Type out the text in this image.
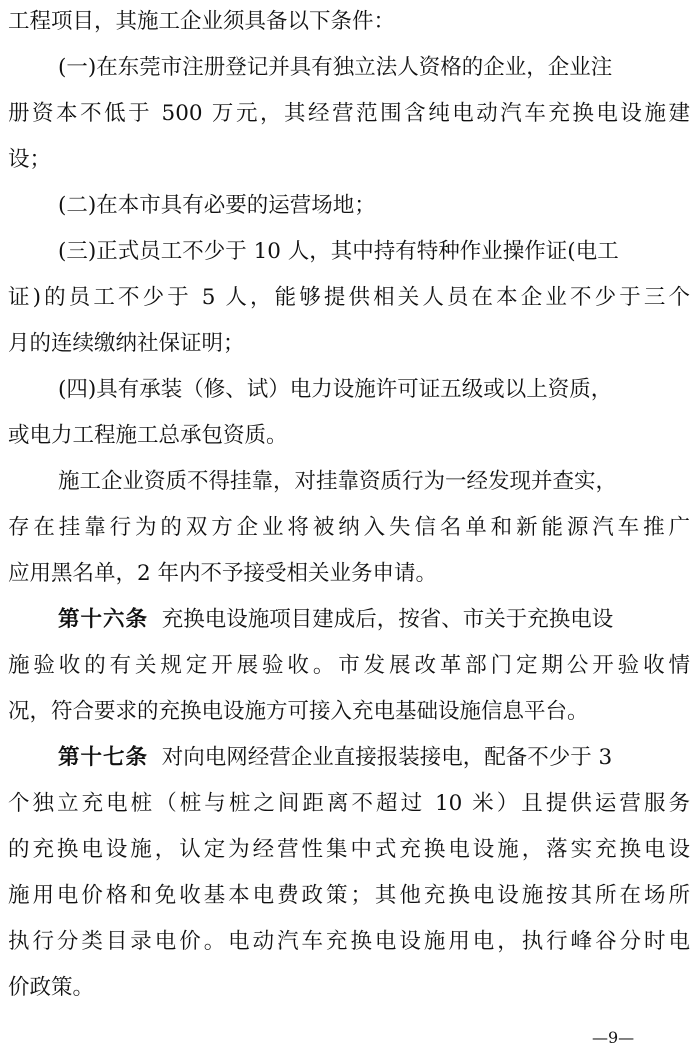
工程项目，其施工企业须具备以下条件：
(一)在东莞市注册登记并具有独立法人资格的企业，企业注
册资本不低于 500 万元，其经营范围含纯电动汽车充换电设施建
设；
(二)在本市具有必要的运营场地；
(三)正式员工不少于 10 人，其中持有特种作业操作证(电工
证)的员工不少于 5 人，能够提供相关人员在本企业不少于三个
月的连续缴纳社保证明；
(四)具有承装（修、试）电力设施许可证五级或以上资质，
或电力工程施工总承包资质。
施工企业资质不得挂靠，对挂靠资质行为一经发现并查实，
存在挂靠行为的双方企业将被纳入失信名单和新能源汽车推广
应用黑名单，2 年内不予接受相关业务申请。
第十六条 充换电设施项目建成后，按省、市关于充换电设
施验收的有关规定开展验收。市发展改革部门定期公开验收情
况，符合要求的充换电设施方可接入充电基础设施信息平台。
第十七条 对向电网经营企业直接报装接电，配备不少于 3
个独立充电桩（桩与桩之间距离不超过 10 米）且提供运营服务
的充换电设施，认定为经营性集中式充换电设施，落实充换电设
施用电价格和免收基本电费政策；其他充换电设施按其所在场所
执行分类目录电价。电动汽车充换电设施用电，执行峰谷分时电
价政策。
—9—
